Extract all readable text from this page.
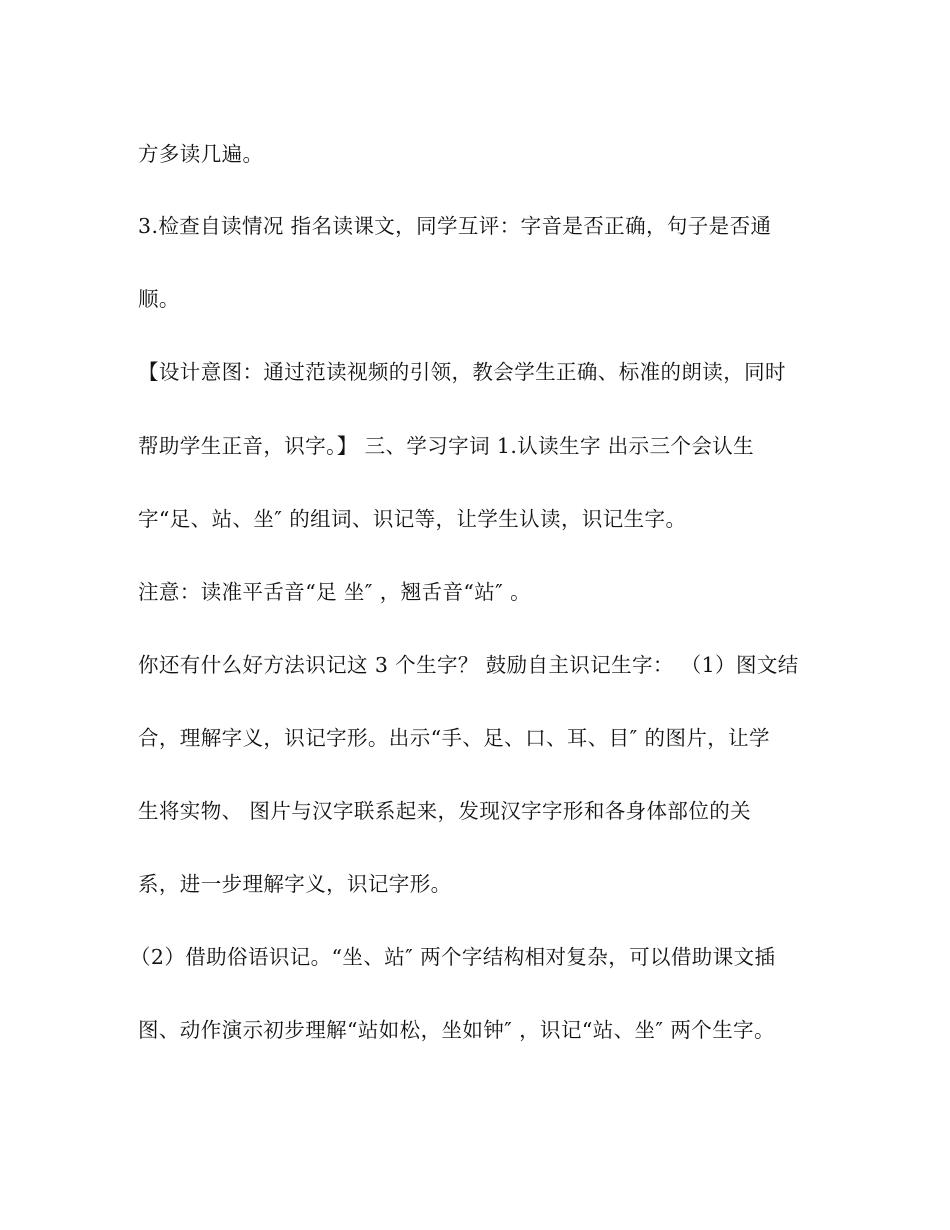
方多读几遍。
3.检查自读情况 指名读课文，同学互评：字音是否正确，句子是否通
顺。
【设计意图：通过范读视频的引领，教会学生正确、标准的朗读，同时
帮助学生正音，识字。】 三、学习字词 1.认读生字 出示三个会认生
字“足、站、坐″ 的组词、识记等，让学生认读，识记生字。
注意：读准平舌音“足 坐″ ，翘舌音“站″ 。
你还有什么好方法识记这 3 个生字？ 鼓励自主识记生字： （1）图文结
合，理解字义，识记字形。出示“手、足、口、耳、目″ 的图片，让学
生将实物、 图片与汉字联系起来，发现汉字字形和各身体部位的关
系，进一步理解字义，识记字形。
（2）借助俗语识记。“坐、站″ 两个字结构相对复杂，可以借助课文插
图、动作演示初步理解“站如松，坐如钟″ ，识记“站、坐″ 两个生字。
